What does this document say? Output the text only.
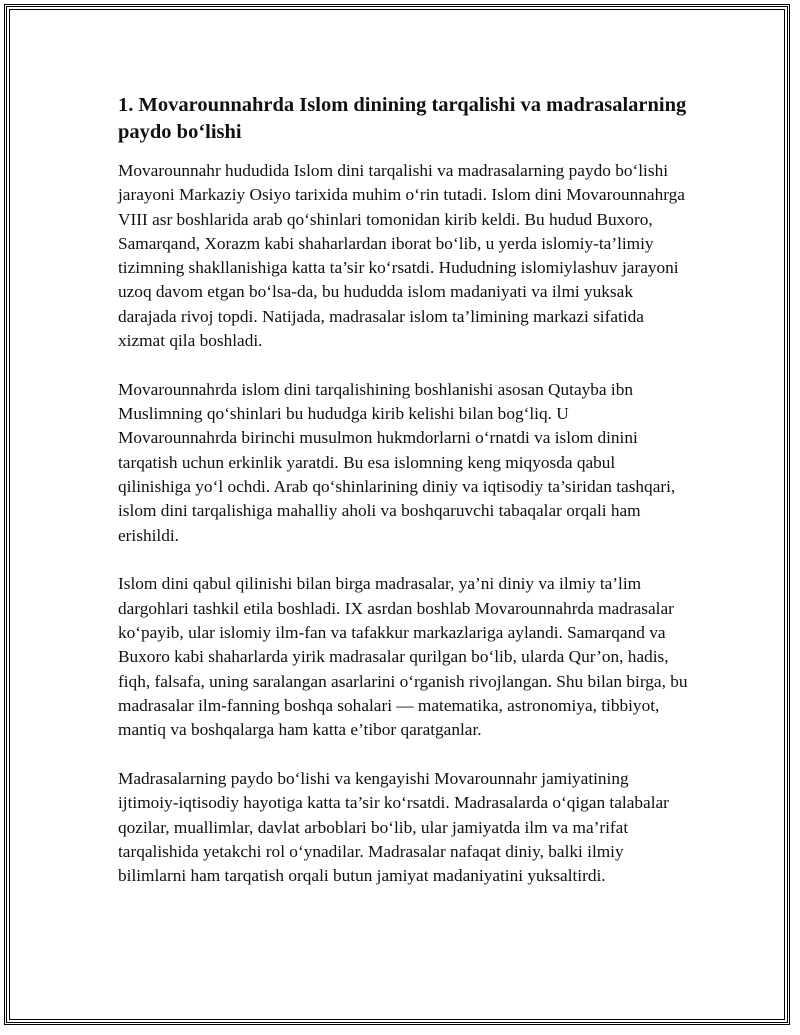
1. Movarounnahrda Islom dinining tarqalishi va madrasalarning paydo bo‘lishi

Movarounnahr hududida Islom dini tarqalishi va madrasalarning paydo bo‘lishi jarayoni Markaziy Osiyo tarixida muhim o‘rin tutadi. Islom dini Movarounnahrga VIII asr boshlarida arab qo‘shinlari tomonidan kirib keldi. Bu hudud Buxoro, Samarqand, Xorazm kabi shaharlardan iborat bo‘lib, u yerda islomiy-ta’limiy tizimning shakllanishiga katta ta’sir ko‘rsatdi. Hududning islomiylashuv jarayoni uzoq davom etgan bo‘lsa-da, bu hududda islom madaniyati va ilmi yuksak darajada rivoj topdi. Natijada, madrasalar islom ta’limining markazi sifatida xizmat qila boshladi.

Movarounnahrda islom dini tarqalishining boshlanishi asosan Qutayba ibn Muslimning qo‘shinlari bu hududga kirib kelishi bilan bog‘liq. U Movarounnahrda birinchi musulmon hukmdorlarni o‘rnatdi va islom dinini tarqatish uchun erkinlik yaratdi. Bu esa islomning keng miqyosda qabul qilinishiga yo‘l ochdi. Arab qo‘shinlarining diniy va iqtisodiy ta’siridan tashqari, islom dini tarqalishiga mahalliy aholi va boshqaruvchi tabaqalar orqali ham erishildi.

Islom dini qabul qilinishi bilan birga madrasalar, ya’ni diniy va ilmiy ta’lim dargohlari tashkil etila boshladi. IX asrdan boshlab Movarounnahrda madrasalar ko‘payib, ular islomiy ilm-fan va tafakkur markazlariga aylandi. Samarqand va Buxoro kabi shaharlarda yirik madrasalar qurilgan bo‘lib, ularda Qur’on, hadis, fiqh, falsafa, uning saralangan asarlarini o‘rganish rivojlangan. Shu bilan birga, bu madrasalar ilm-fanning boshqa sohalari — matematika, astronomiya, tibbiyot, mantiq va boshqalarga ham katta e’tibor qaratganlar.

Madrasalarning paydo bo‘lishi va kengayishi Movarounnahr jamiyatining ijtimoiy-iqtisodiy hayotiga katta ta’sir ko‘rsatdi. Madrasalarda o‘qigan talabalar qozilar, muallimlar, davlat arboblari bo‘lib, ular jamiyatda ilm va ma’rifat tarqalishida yetakchi rol o‘ynadilar. Madrasalar nafaqat diniy, balki ilmiy bilimlarni ham tarqatish orqali butun jamiyat madaniyatini yuksaltirdi.
